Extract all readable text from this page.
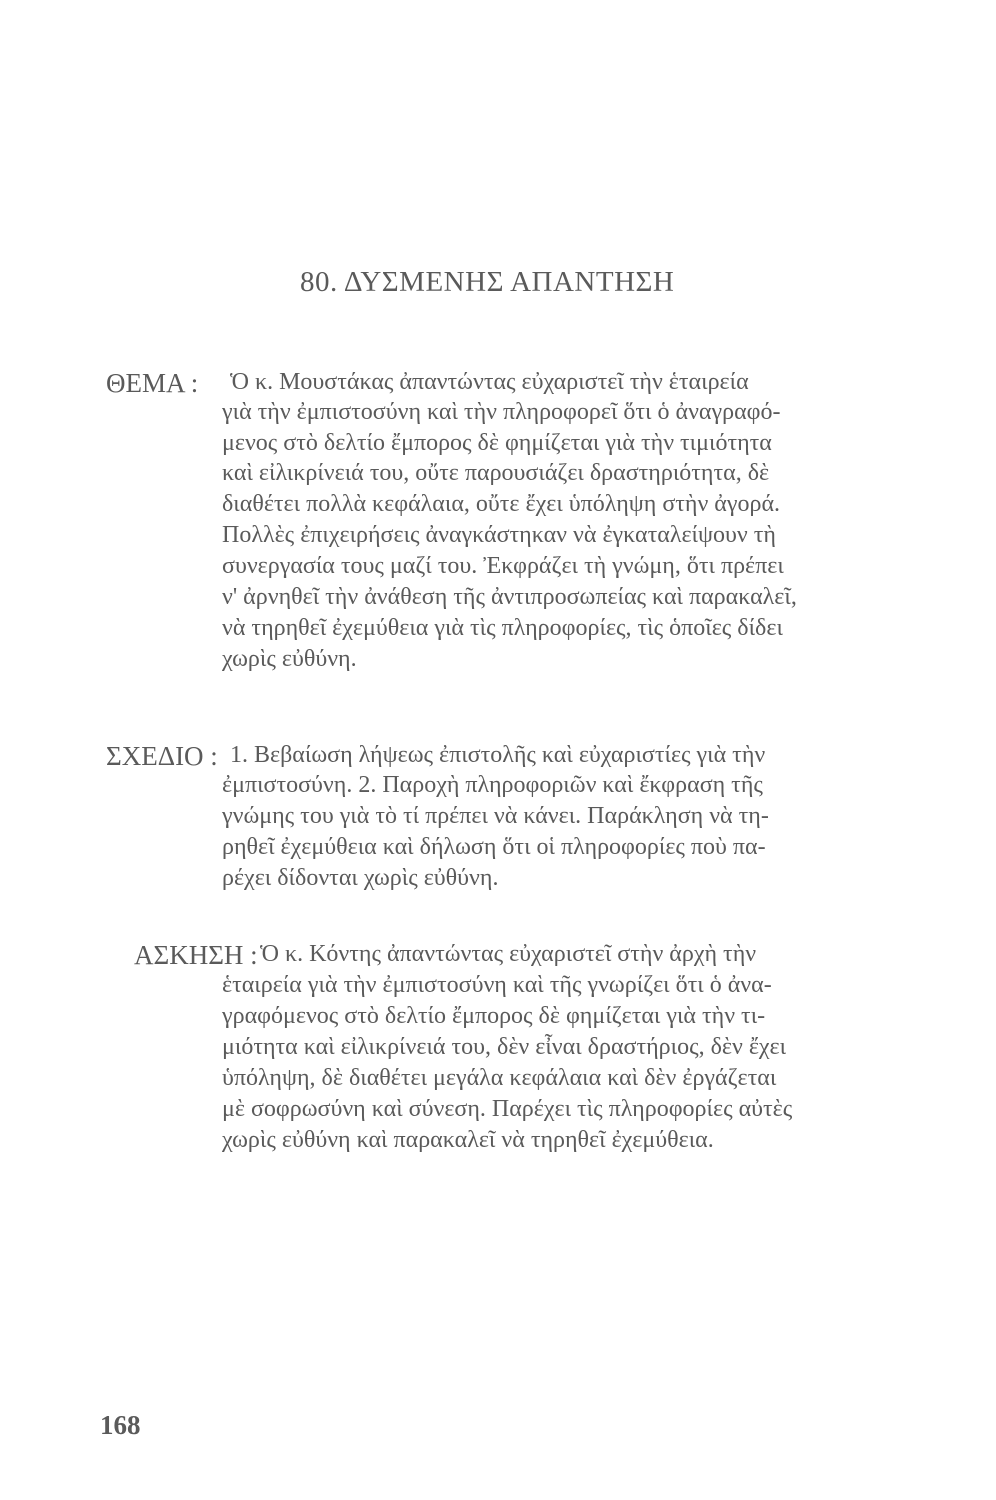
80. ΔΥΣΜΕΝΗΣ ΑΠΑΝΤΗΣΗ
ΘΕΜΑ : Ὁ κ. Μουστάκας ἀπαντώντας εὐχαριστεῖ τὴν ἑταιρεία
γιὰ τὴν ἐμπιστοσύνη καὶ τὴν πληροφορεῖ ὅτι ὁ ἀναγραφό-
μενος στὸ δελτίο ἔμπορος δὲ φημίζεται γιὰ τὴν τιμιότητα
καὶ εἰλικρίνειά του, οὔτε παρουσιάζει δραστηριότητα, δὲ
διαθέτει πολλὰ κεφάλαια, οὔτε ἔχει ὑπόληψη στὴν ἀγορά.
Πολλὲς ἐπιχειρήσεις ἀναγκάστηκαν νὰ ἐγκαταλείψουν τὴ
συνεργασία τους μαζί του. Ἐκφράζει τὴ γνώμη, ὅτι πρέπει
ν' ἀρνηθεῖ τὴν ἀνάθεση τῆς ἀντιπροσωπείας καὶ παρακαλεῖ,
νὰ τηρηθεῖ ἐχεμύθεια γιὰ τὶς πληροφορίες, τὶς ὁποῖες δίδει
χωρὶς εὐθύνη.
ΣΧΕΔΙΟ : 1. Βεβαίωση λήψεως ἐπιστολῆς καὶ εὐχαριστίες γιὰ τὴν
ἐμπιστοσύνη. 2. Παροχὴ πληροφοριῶν καὶ ἔκφραση τῆς
γνώμης του γιὰ τὸ τί πρέπει νὰ κάνει. Παράκληση νὰ τη-
ρηθεῖ ἐχεμύθεια καὶ δήλωση ὅτι οἱ πληροφορίες ποὺ πα-
ρέχει δίδονται χωρὶς εὐθύνη.
ΑΣΚΗΣΗ : Ὁ κ. Κόντης ἀπαντώντας εὐχαριστεῖ στὴν ἀρχὴ τὴν
ἑταιρεία γιὰ τὴν ἐμπιστοσύνη καὶ τῆς γνωρίζει ὅτι ὁ ἀνα-
γραφόμενος στὸ δελτίο ἔμπορος δὲ φημίζεται γιὰ τὴν τι-
μιότητα καὶ εἰλικρίνειά του, δὲν εἶναι δραστήριος, δὲν ἔχει
ὑπόληψη, δὲ διαθέτει μεγάλα κεφάλαια καὶ δὲν ἐργάζεται
μὲ σοφρωσύνη καὶ σύνεση. Παρέχει τὶς πληροφορίες αὐτὲς
χωρὶς εὐθύνη καὶ παρακαλεῖ νὰ τηρηθεῖ ἐχεμύθεια.
168
